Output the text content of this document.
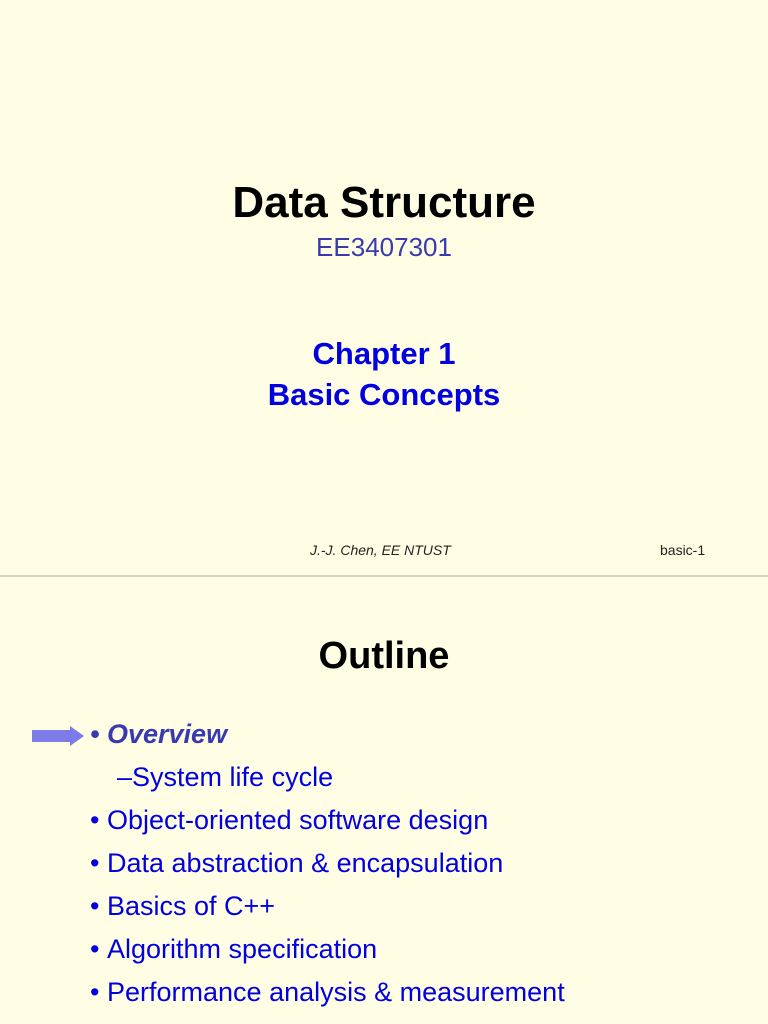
Data Structure
EE3407301
Chapter 1
Basic Concepts
J.-J. Chen, EE NTUST	basic-1
Outline
• Overview
–System life cycle
• Object-oriented software design
• Data abstraction & encapsulation
• Basics of C++
• Algorithm specification
• Performance analysis & measurement
